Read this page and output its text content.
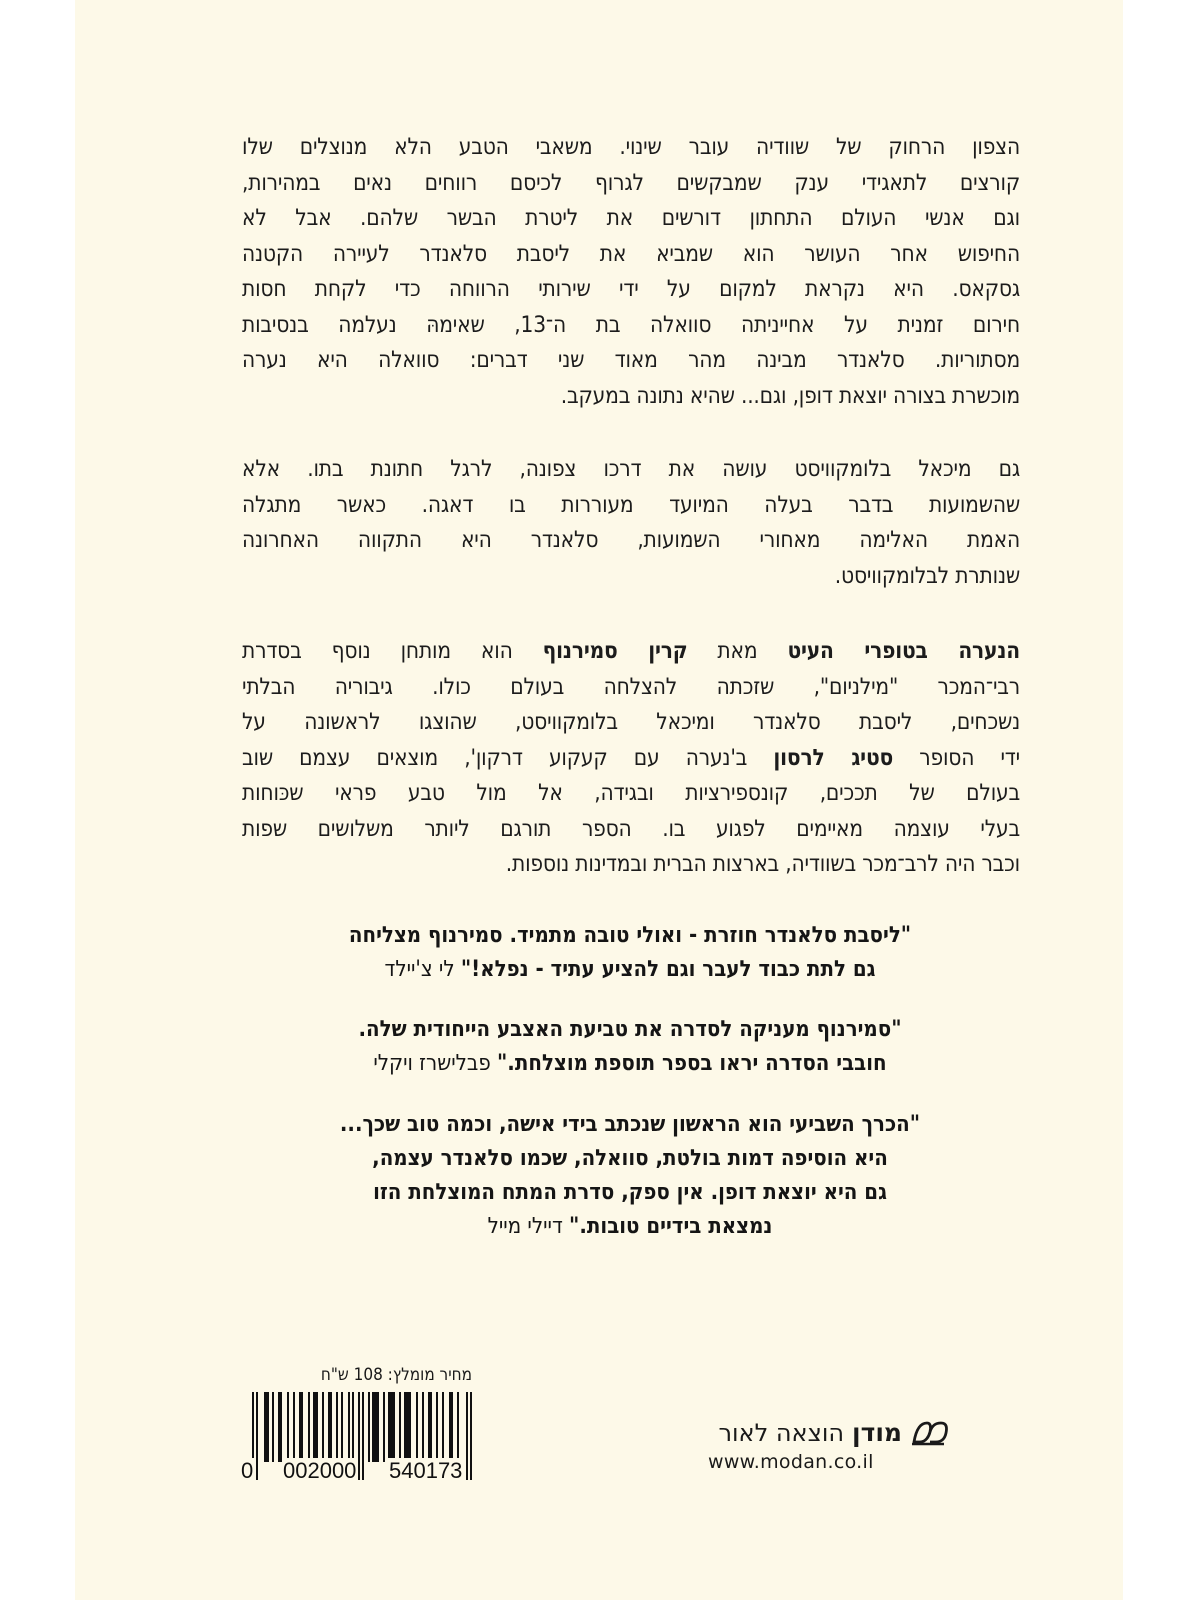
הצפון הרחוק של שוודיה עובר שינוי. משאבי הטבע הלא מנוצלים שלו
קורצים לתאגידי ענק שמבקשים לגרוף לכיסם רווחים נאים במהירות,
וגם אנשי העולם התחתון דורשים את ליטרת הבשר שלהם. אבל לא
החיפוש אחר העושר הוא שמביא את ליסבת סלאנדר לעיירה הקטנה
גסקאס. היא נקראת למקום על ידי שירותי הרווחה כדי לקחת חסות
חירום זמנית על אחייניתה סוואלה בת ה־13, שאימהּ נעלמה בנסיבות
מסתוריות. סלאנדר מבינה מהר מאוד שני דברים: סוואלה היא נערה
מוכשרת בצורה יוצאת דופן, וגם... שהיא נתונה במעקב.
גם מיכאל בלומקוויסט עושה את דרכו צפונה, לרגל חתונת בתו. אלא
שהשמועות בדבר בעלה המיועד מעוררות בו דאגה. כאשר מתגלה
האמת האלימה מאחורי השמועות, סלאנדר היא התקווה האחרונה
שנותרת לבלומקוויסט.
הנערה בטופרי העיט מאת קרין סמירנוף הוא מותחן נוסף בסדרת
רבי־המכר "מילניום", שזכתה להצלחה בעולם כולו. גיבוריה הבלתי
נשכחים, ליסבת סלאנדר ומיכאל בלומקוויסט, שהוצגו לראשונה על
ידי הסופר סטיג לרסון ב'נערה עם קעקוע דרקון', מוצאים עצמם שוב
בעולם של תככים, קונספירציות ובגידה, אל מול טבע פראי שכּוחות
בעלי עוצמה מאיימים לפגוע בו. הספר תורגם ליותר משלושים שפות
וכבר היה לרב־מכר בשוודיה, בארצות הברית ובמדינות נוספות.
"ליסבת סלאנדר חוזרת - ואולי טובה מתמיד. סמירנוף מצליחה
גם לתת כבוד לעבר וגם להציע עתיד - נפלא!" לי צ'יילד
"סמירנוף מעניקה לסדרה את טביעת האצבע הייחודית שלה.
חובבי הסדרה יראו בספר תוספת מוצלחת." פבלישרז ויקלי
"הכרך השביעי הוא הראשון שנכתב בידי אישה, וכמה טוב שכך...
היא הוסיפה דמות בולטת, סוואלה, שכמו סלאנדר עצמה,
גם היא יוצאת דופן. אין ספק, סדרת המתח המוצלחת הזו
נמצאת בידיים טובות." דיילי מייל
מחיר מומלץ: 108 ש"ח
0 002000 540173
מודן
הוצאה לאור
www.modan.co.il
